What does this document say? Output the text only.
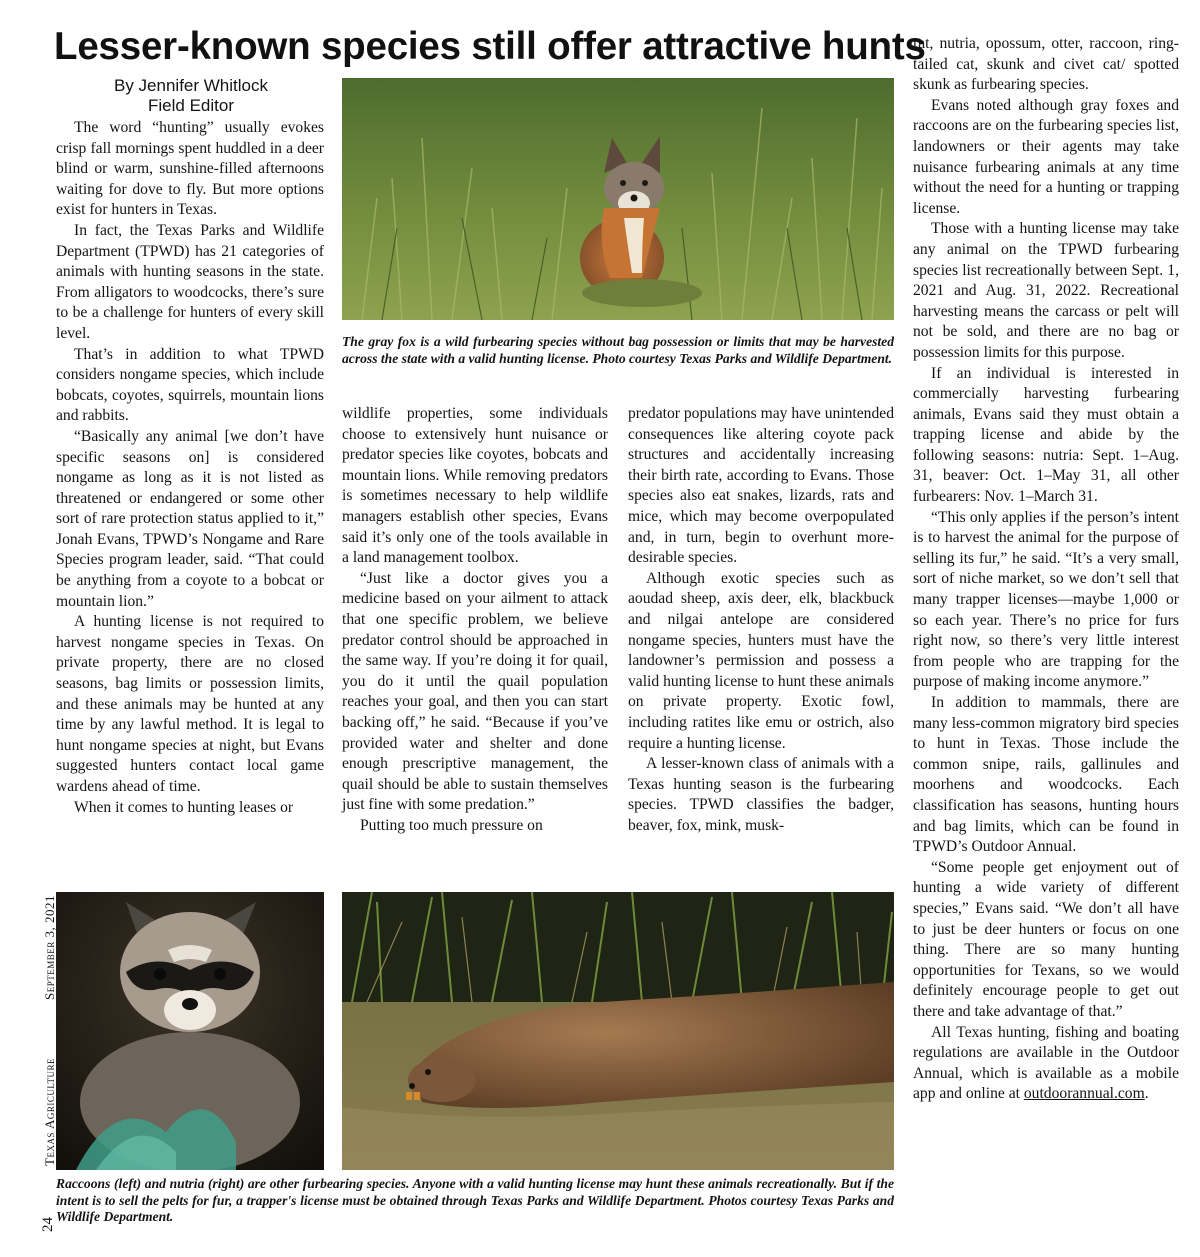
Lesser-known species still offer attractive hunts
By Jennifer Whitlock
Field Editor

The word “hunting” usually evokes crisp fall mornings spent huddled in a deer blind or warm, sunshine-filled afternoons waiting for dove to fly. But more options exist for hunters in Texas.

In fact, the Texas Parks and Wildlife Department (TPWD) has 21 categories of animals with hunting seasons in the state. From alligators to woodcocks, there’s sure to be a challenge for hunters of every skill level.

That’s in addition to what TPWD considers nongame species, which include bobcats, coyotes, squirrels, mountain lions and rabbits.

“Basically any animal [we don’t have specific seasons on] is considered nongame as long as it is not listed as threatened or endangered or some other sort of rare protection status applied to it,” Jonah Evans, TPWD’s Nongame and Rare Species program leader, said. “That could be anything from a coyote to a bobcat or mountain lion.”

A hunting license is not required to harvest nongame species in Texas. On private property, there are no closed seasons, bag limits or possession limits, and these animals may be hunted at any time by any lawful method. It is legal to hunt nongame species at night, but Evans suggested hunters contact local game wardens ahead of time.

When it comes to hunting leases or

The gray fox is a wild furbearing species without bag possession or limits that may be harvested across the state with a valid hunting license. Photo courtesy Texas Parks and Wildlife Department.

wildlife properties, some individuals choose to extensively hunt nuisance or predator species like coyotes, bobcats and mountain lions. While removing predators is sometimes necessary to help wildlife managers establish other species, Evans said it’s only one of the tools available in a land management toolbox.

“Just like a doctor gives you a medicine based on your ailment to attack that one specific problem, we believe predator control should be approached in the same way. If you’re doing it for quail, you do it until the quail population reaches your goal, and then you can start backing off,” he said. “Because if you’ve provided water and shelter and done enough prescriptive management, the quail should be able to sustain themselves just fine with some predation.”

Putting too much pressure on

predator populations may have unintended consequences like altering coyote pack structures and accidentally increasing their birth rate, according to Evans. Those species also eat snakes, lizards, rats and mice, which may become overpopulated and, in turn, begin to overhunt more-desirable species.

Although exotic species such as aoudad sheep, axis deer, elk, blackbuck and nilgai antelope are considered nongame species, hunters must have the landowner’s permission and possess a valid hunting license to hunt these animals on private property. Exotic fowl, including ratites like emu or ostrich, also require a hunting license.

A lesser-known class of animals with a Texas hunting season is the furbearing species. TPWD classifies the badger, beaver, fox, mink, musk-

rat, nutria, opossum, otter, raccoon, ring-tailed cat, skunk and civet cat/ spotted skunk as furbearing species.

Evans noted although gray foxes and raccoons are on the furbearing species list, landowners or their agents may take nuisance furbearing animals at any time without the need for a hunting or trapping license.

Those with a hunting license may take any animal on the TPWD furbearing species list recreationally between Sept. 1, 2021 and Aug. 31, 2022. Recreational harvesting means the carcass or pelt will not be sold, and there are no bag or possession limits for this purpose.

If an individual is interested in commercially harvesting furbearing animals, Evans said they must obtain a trapping license and abide by the following seasons: nutria: Sept. 1–Aug. 31, beaver: Oct. 1–May 31, all other furbearers: Nov. 1–March 31.

“This only applies if the person’s intent is to harvest the animal for the purpose of selling its fur,” he said. “It’s a very small, sort of niche market, so we don’t sell that many trapper licenses—maybe 1,000 or so each year. There’s no price for furs right now, so there’s very little interest from people who are trapping for the purpose of making income anymore.”

In addition to mammals, there are many less-common migratory bird species to hunt in Texas. Those include the common snipe, rails, gallinules and moorhens and woodcocks. Each classification has seasons, hunting hours and bag limits, which can be found in TPWD’s Outdoor Annual.

“Some people get enjoyment out of hunting a wide variety of different species,” Evans said. “We don’t all have to just be deer hunters or focus on one thing. There are so many hunting opportunities for Texans, so we would definitely encourage people to get out there and take advantage of that.”

All Texas hunting, fishing and boating regulations are available in the Outdoor Annual, which is available as a mobile app and online at outdoorannual.com.

Raccoons (left) and nutria (right) are other furbearing species. Anyone with a valid hunting license may hunt these animals recreationally. But if the intent is to sell the pelts for fur, a trapper's license must be obtained through Texas Parks and Wildlife Department. Photos courtesy Texas Parks and Wildlife Department.
September 3, 2021
Texas Agriculture
24
